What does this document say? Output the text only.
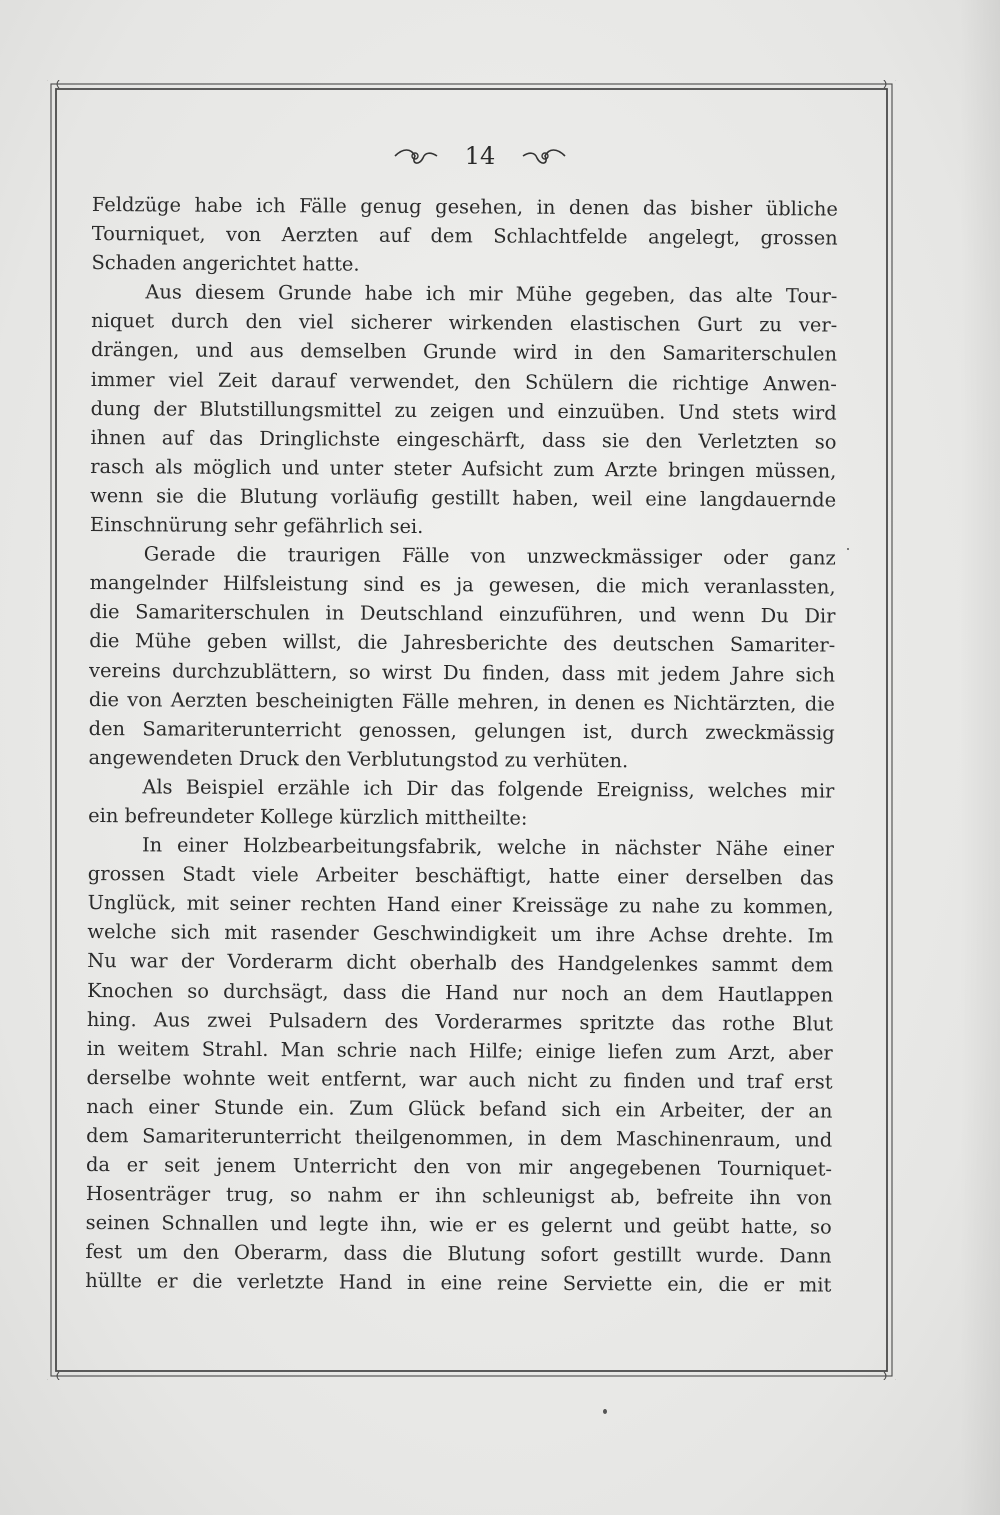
14
Feldzüge habe ich Fälle genug gesehen, in denen das bisher übliche
Tourniquet, von Aerzten auf dem Schlachtfelde angelegt, grossen
Schaden angerichtet hatte.
Aus diesem Grunde habe ich mir Mühe gegeben, das alte Tour-
niquet durch den viel sicherer wirkenden elastischen Gurt zu ver-
drängen, und aus demselben Grunde wird in den Samariterschulen
immer viel Zeit darauf verwendet, den Schülern die richtige Anwen-
dung der Blutstillungsmittel zu zeigen und einzuüben. Und stets wird
ihnen auf das Dringlichste eingeschärft, dass sie den Verletzten so
rasch als möglich und unter steter Aufsicht zum Arzte bringen müssen,
wenn sie die Blutung vorläufig gestillt haben, weil eine langdauernde
Einschnürung sehr gefährlich sei.
Gerade die traurigen Fälle von unzweckmässiger oder ganz
mangelnder Hilfsleistung sind es ja gewesen, die mich veranlassten,
die Samariterschulen in Deutschland einzuführen, und wenn Du Dir
die Mühe geben willst, die Jahresberichte des deutschen Samariter-
vereins durchzublättern, so wirst Du finden, dass mit jedem Jahre sich
die von Aerzten bescheinigten Fälle mehren, in denen es Nichtärzten, die
den Samariterunterricht genossen, gelungen ist, durch zweckmässig
angewendeten Druck den Verblutungstod zu verhüten.
Als Beispiel erzähle ich Dir das folgende Ereigniss, welches mir
ein befreundeter Kollege kürzlich mittheilte:
In einer Holzbearbeitungsfabrik, welche in nächster Nähe einer
grossen Stadt viele Arbeiter beschäftigt, hatte einer derselben das
Unglück, mit seiner rechten Hand einer Kreissäge zu nahe zu kommen,
welche sich mit rasender Geschwindigkeit um ihre Achse drehte. Im
Nu war der Vorderarm dicht oberhalb des Handgelenkes sammt dem
Knochen so durchsägt, dass die Hand nur noch an dem Hautlappen
hing. Aus zwei Pulsadern des Vorderarmes spritzte das rothe Blut
in weitem Strahl. Man schrie nach Hilfe; einige liefen zum Arzt, aber
derselbe wohnte weit entfernt, war auch nicht zu finden und traf erst
nach einer Stunde ein. Zum Glück befand sich ein Arbeiter, der an
dem Samariterunterricht theilgenommen, in dem Maschinenraum, und
da er seit jenem Unterricht den von mir angegebenen Tourniquet-
Hosenträger trug, so nahm er ihn schleunigst ab, befreite ihn von
seinen Schnallen und legte ihn, wie er es gelernt und geübt hatte, so
fest um den Oberarm, dass die Blutung sofort gestillt wurde. Dann
hüllte er die verletzte Hand in eine reine Serviette ein, die er mit
